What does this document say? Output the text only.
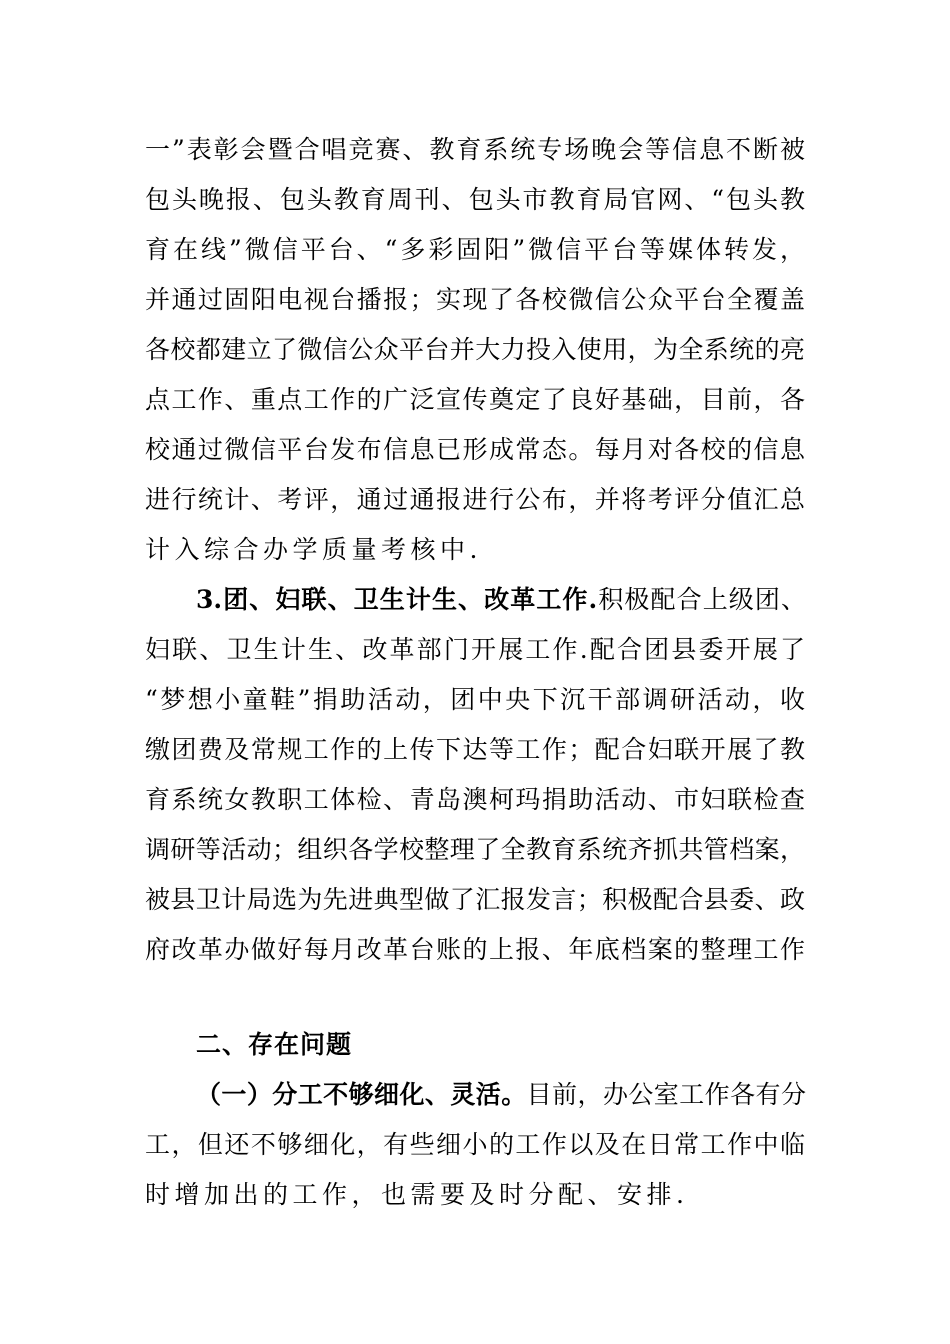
一”表彰会暨合唱竞赛、教育系统专场晚会等信息不断被
包头晚报、包头教育周刊、包头市教育局官网、“包头教
育在线”微信平台、“多彩固阳”微信平台等媒体转发，
并通过固阳电视台播报；实现了各校微信公众平台全覆盖
各校都建立了微信公众平台并大力投入使用，为全系统的亮
点工作、重点工作的广泛宣传奠定了良好基础，目前，各
校通过微信平台发布信息已形成常态。每月对各校的信息
进行统计、考评，通过通报进行公布，并将考评分值汇总
计入综合办学质量考核中.
3.团、妇联、卫生计生、改革工作.积极配合上级团、
妇联、卫生计生、改革部门开展工作.配合团县委开展了
“梦想小童鞋”捐助活动，团中央下沉干部调研活动，收
缴团费及常规工作的上传下达等工作；配合妇联开展了教
育系统女教职工体检、青岛澳柯玛捐助活动、市妇联检查
调研等活动；组织各学校整理了全教育系统齐抓共管档案，
被县卫计局选为先进典型做了汇报发言；积极配合县委、政
府改革办做好每月改革台账的上报、年底档案的整理工作
二、存在问题
（一）分工不够细化、灵活。目前，办公室工作各有分
工，但还不够细化，有些细小的工作以及在日常工作中临
时增加出的工作，也需要及时分配、安排.
